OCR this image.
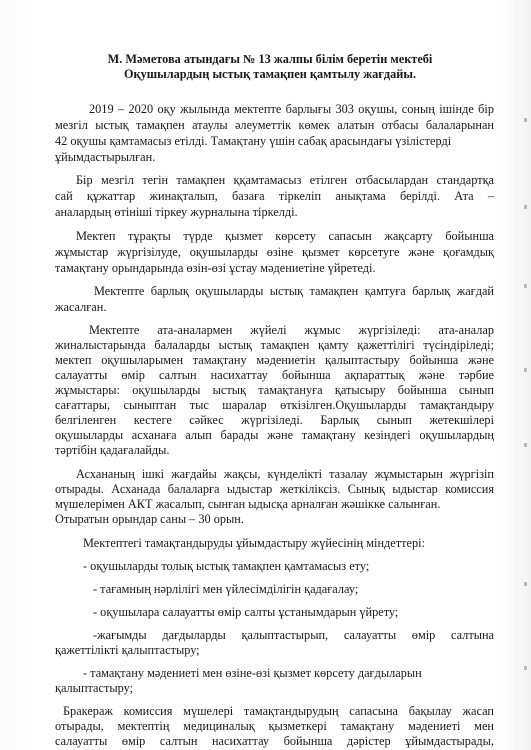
М. Мәметова атындағы № 13 жалпы білім беретін мектебі
Оқушылардың ыстық тамақпен қамтылу жағдайы.
2019 – 2020 оқу жылында мектепте барлығы 303 оқушы, соның ішінде бір
мезгіл ыстық тамақпен атаулы әлеуметтік көмек алатын отбасы балаларынан
42 оқушы қамтамасыз етілді. Тамақтану үшін сабақ арасындағы үзілістерді
ұйымдастырылған.
Бір мезгіл тегін тамақпен ққамтамасыз етілген отбасылардан стандартқа
сай құжаттар жинақталып, базаға тіркеліп анықтама берілді. Ата –
аналардың өтініші тіркеу журналына тіркелді.
Мектеп тұрақты түрде қызмет көрсету сапасын жақсарту бойынша
жұмыстар жүргізілуде, оқушыларды өзіне қызмет көрсетуге және қоғамдық
тамақтану орындарында өзін-өзі ұстау мәдениетіне үйретеді.
Мектепте барлық оқушыларды ыстық тамақпен қамтуға барлық жағдай
жасалған.
Мектепте ата-аналармен жүйелі жұмыс жүргізіледі: ата-аналар
жиналыстарында балаларды ыстық тамақпен қамту қажеттілігі түсіндіріледі;
мектеп оқушыларымен тамақтану мәдениетін қалыптастыру бойынша және
салауатты өмір салтын насихаттау бойынша ақпараттық және тәрбие
жұмыстары: оқушыларды ыстық тамақтануға қатысыру бойынша сынып
сағаттары, сыныптан тыс шаралар өткізілген.Оқушыларды тамақтандыру
белгіленген кестеге сәйкес жүргізіледі. Барлық сынып жетекшілері
оқушыларды асханаға алып барады және тамақтану кезіндегі оқушылардың
тәртібін қадағалайды.
Асхананың ішкі жағдайы жақсы, күнделікті тазалау жұмыстарын жүргізіп
отырады. Асханада балаларға ыдыстар жеткіліксіз. Сынық ыдыстар комиссия
мүшелерімен АКТ жасалып, сынған ыдысқа арналған жәшікке салынған.
Отыратын орындар саны – 30 орын.
Мектептегі тамақтандыруды ұйымдастыру жүйесінің міндеттері:
- оқушыларды толық ыстық тамақпен қамтамасыз ету;
- тағамның нәрлілігі мен үйлесімділігін қадағалау;
- оқушылара салауатты өмір салты ұстанымдарын үйрету;
-жағымды дағдыларды қалыптастырып, салауатты өмір салтына
қажеттілікті қалыптастыру;
- тамақтану мәдениеті мен өзіне-өзі қызмет көрсету дағдыларын
қалыптастыру;
Бракераж комиссия мүшелері тамақтандырудың сапасына бақылау жасап
отырады, мектептің медициналық қызметкері тамақтану мәдениеті мен
салауатты өмір салтын насихаттау бойынша дәрістер ұйымдастырады,
